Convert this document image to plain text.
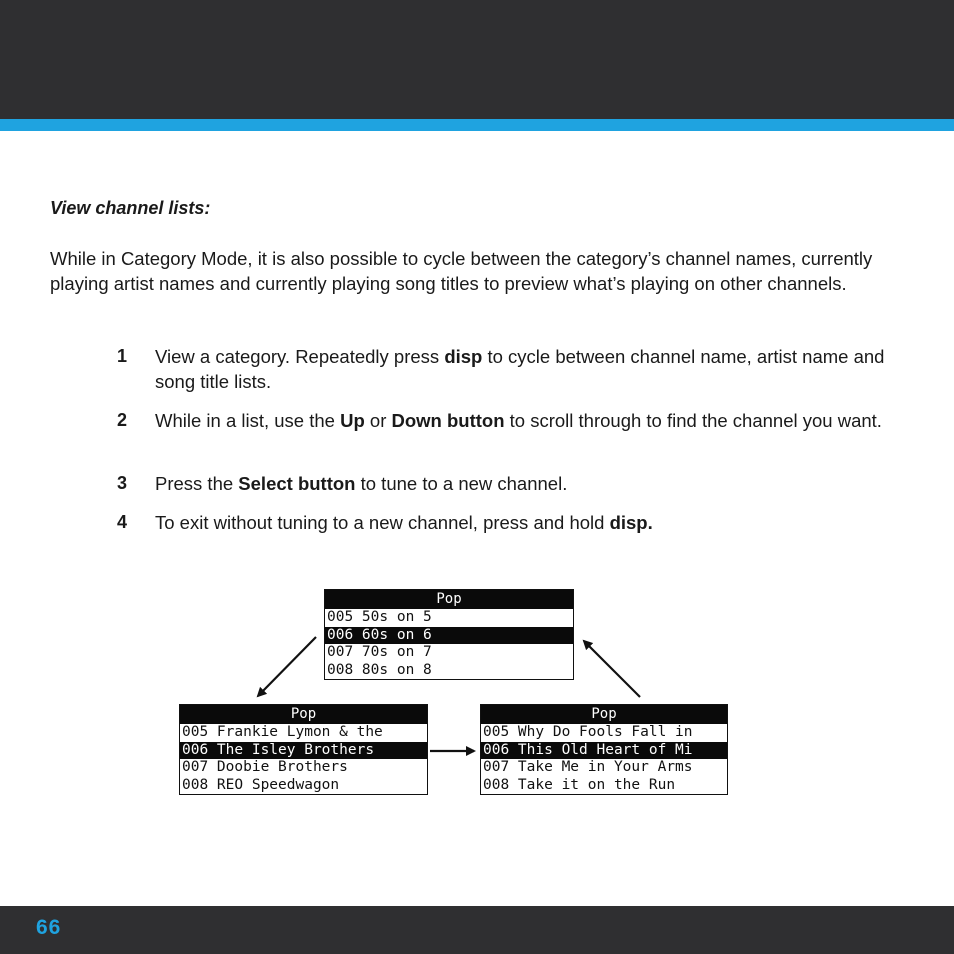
View channel lists:
While in Category Mode, it is also possible to cycle between the category’s channel names, currently playing artist names and currently playing song titles to preview what’s playing on other channels.
1 View a category. Repeatedly press disp to cycle between channel name, artist name and song title lists.
2 While in a list, use the Up or Down button to scroll through to find the channel you want.
3 Press the Select button to tune to a new channel.
4 To exit without tuning to a new channel, press and hold disp.
Pop
005 50s on 5
006 60s on 6
007 70s on 7
008 80s on 8
Pop
005 Frankie Lymon & the
006 The Isley Brothers
007 Doobie Brothers
008 REO Speedwagon
Pop
005 Why Do Fools Fall in
006 This Old Heart of Mi
007 Take Me in Your Arms
008 Take it on the Run
66
